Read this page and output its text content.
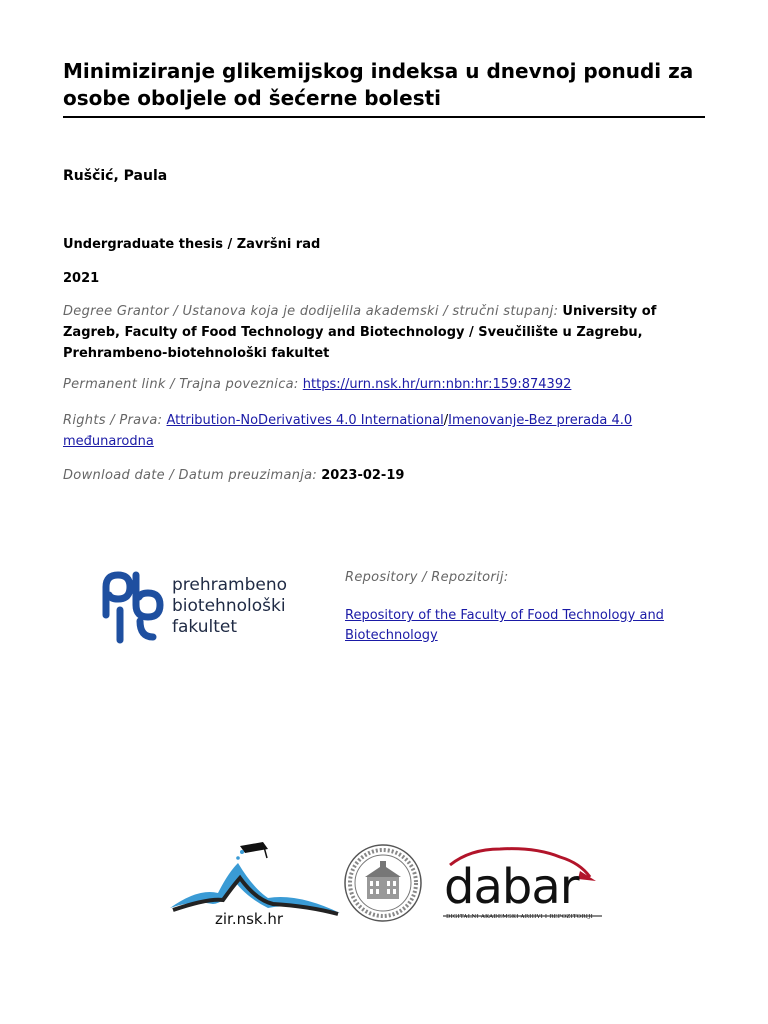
Minimiziranje glikemijskog indeksa u dnevnoj ponudi za osobe oboljele od šećerne bolesti

Ruščić, Paula

Undergraduate thesis / Završni rad

2021

Degree Grantor / Ustanova koja je dodijelila akademski / stručni stupanj: University of Zagreb, Faculty of Food Technology and Biotechnology / Sveučilište u Zagrebu, Prehrambeno-biotehnološki fakultet

Permanent link / Trajna poveznica: https://urn.nsk.hr/urn:nbn:hr:159:874392

Rights / Prava: Attribution-NoDerivatives 4.0 International/Imenovanje-Bez prerada 4.0 međunarodna

Download date / Datum preuzimanja: 2023-02-19

prehrambeno
biotehnološki
fakultet
Repository / Repozitorij:
Repository of the Faculty of Food Technology and Biotechnology
zir.nsk.hr
dabar
DIGITALNI AKADEMSKI ARHIVI I REPOZITORIJI
